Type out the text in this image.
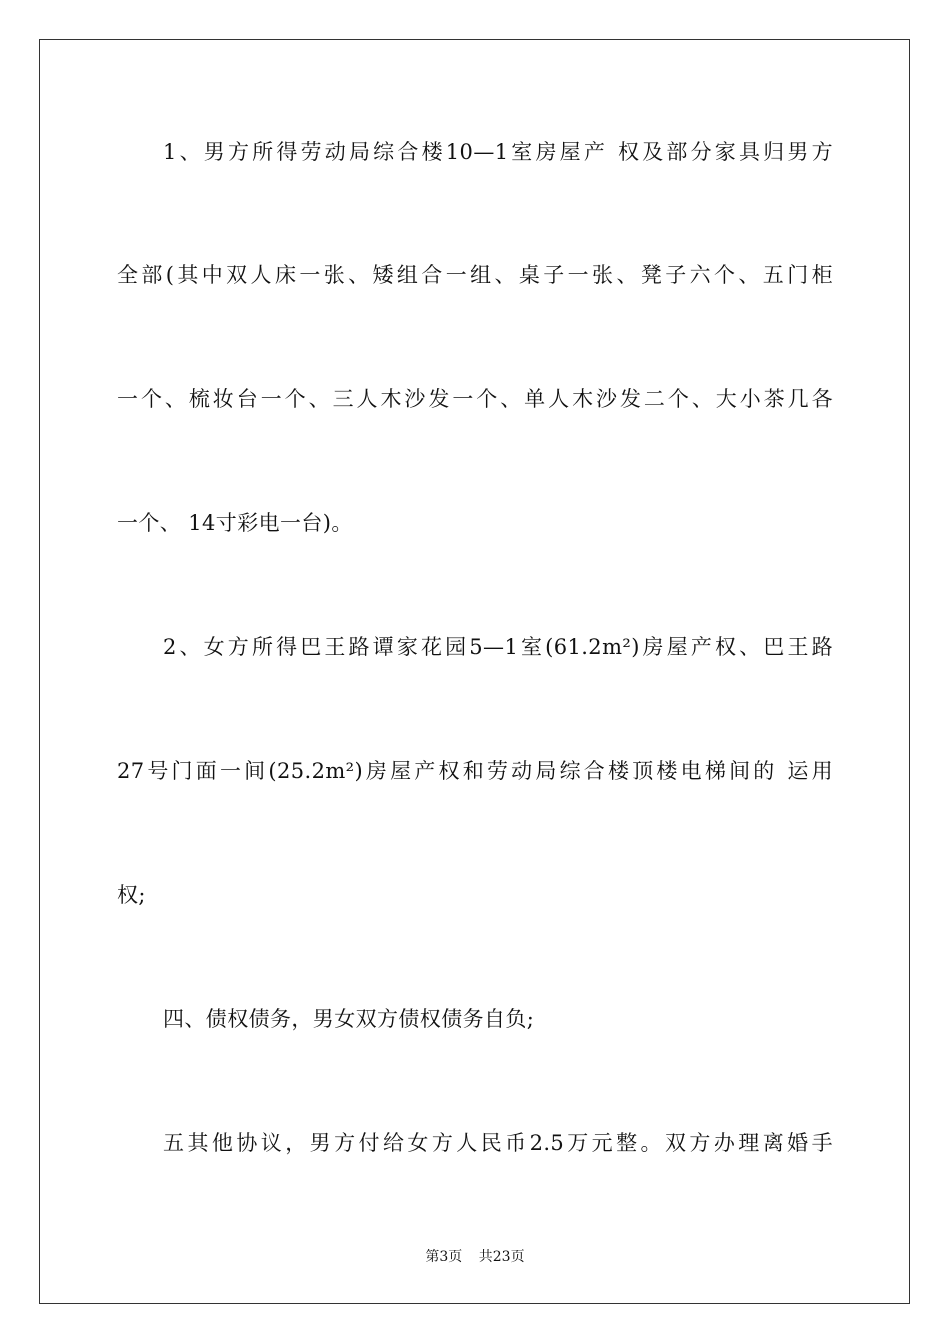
1、男方所得劳动局综合楼10—1室房屋产 权及部分家具归男方
全部(其中双人床一张、矮组合一组、桌子一张、凳子六个、五门柜
一个、梳妆台一个、三人木沙发一个、单人木沙发二个、大小茶几各
一个、 14寸彩电一台)。
2、女方所得巴王路谭家花园5—1室(61.2m²)房屋产权、巴王路
27号门面一间(25.2m²)房屋产权和劳动局综合楼顶楼电梯间的 运用
权;
四、债权债务，男女双方债权债务自负;
五其他协议，男方付给女方人民币2.5万元整。双方办理离婚手
第3页 共23页
